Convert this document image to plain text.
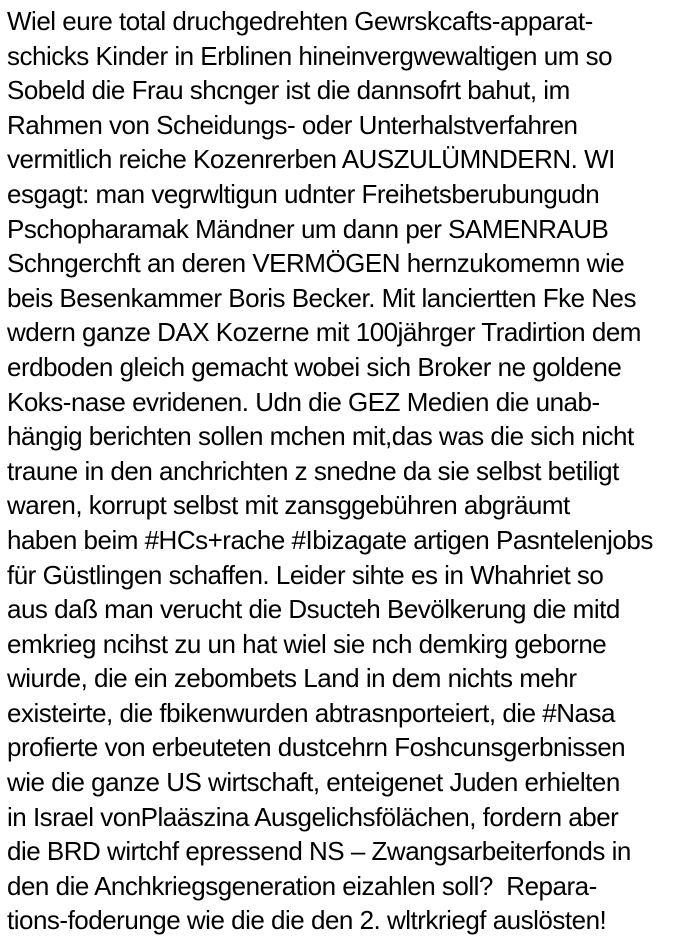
Wiel eure total druchgedrehten Gewrskcafts-apparat-
schicks Kinder in Erblinen hineinvergwewaltigen um so
Sobeld die Frau shcnger ist die dannsofrt bahut, im
Rahmen von Scheidungs- oder Unterhalstverfahren
vermitlich reiche Kozenrerben AUSZULÜMNDERN. WI
esgagt: man vegrwltigun udnter Freihetsberubungudn
Pschopharamak Mändner um dann per SAMENRAUB
Schngerchft an deren VERMÖGEN hernzukomemn wie
beis Besenkammer Boris Becker. Mit lanciertten Fke Nes
wdern ganze DAX Kozerne mit 100jährger Tradirtion dem
erdboden gleich gemacht wobei sich Broker ne goldene
Koks-nase evridenen. Udn die GEZ Medien die unab-
hängig berichten sollen mchen mit,das was die sich nicht
traune in den anchrichten z snedne da sie selbst betiligt
waren, korrupt selbst mit zansggebühren abgräumt
haben beim #HCs+rache #Ibizagate artigen Pasntelenjobs
für Güstlingen schaffen. Leider sihte es in Whahriet so
aus daß man verucht die Dsucteh Bevölkerung die mitd
emkrieg ncihst zu un hat wiel sie nch demkirg geborne
wiurde, die ein zebombets Land in dem nichts mehr
existeirte, die fbikenwurden abtrasnporteiert, die #Nasa
profierte von erbeuteten dustcehrn Foshcunsgerbnissen
wie die ganze US wirtschaft, enteigenet Juden erhielten
in Israel vonPlaäszina Ausgelichsfölächen, fordern aber
die BRD wirtchf epressend NS – Zwangsarbeiterfonds in
den die Anchkriegsgeneration eizahlen soll?  Repara-
tions-foderunge wie die die den 2. wltrkriegf auslösten!
